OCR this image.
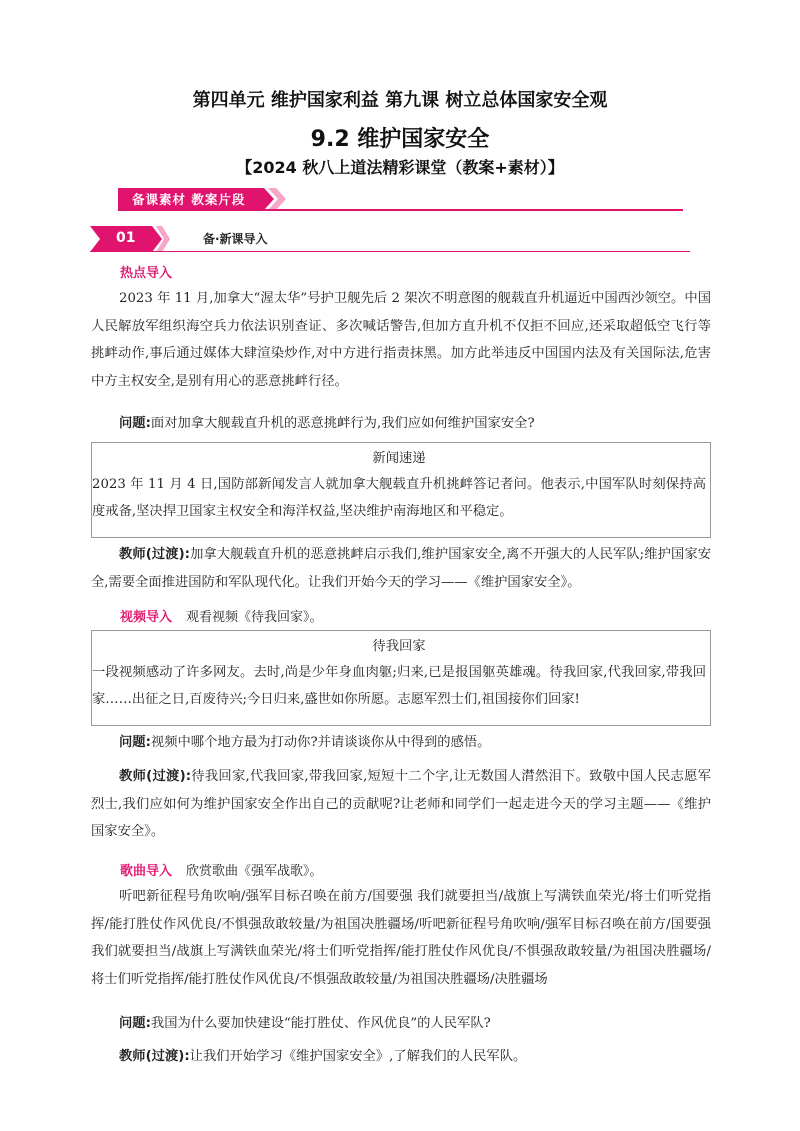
第四单元 维护国家利益 第九课 树立总体国家安全观
9.2 维护国家安全
【2024 秋八上道法精彩课堂（教案+素材）】
备课素材 教案片段
01	备·新课导入
热点导入
2023 年 11 月,加拿大“渥太华”号护卫舰先后 2 架次不明意图的舰载直升机逼近中国西沙领空。中国人民解放军组织海空兵力依法识别查证、多次喊话警告,但加方直升机不仅拒不回应,还采取超低空飞行等挑衅动作,事后通过媒体大肆渲染炒作,对中方进行指责抹黑。加方此举违反中国国内法及有关国际法,危害中方主权安全,是别有用心的恶意挑衅行径。
问题:面对加拿大舰载直升机的恶意挑衅行为,我们应如何维护国家安全?
新闻速递
2023 年 11 月 4 日,国防部新闻发言人就加拿大舰载直升机挑衅答记者问。他表示,中国军队时刻保持高度戒备,坚决捍卫国家主权安全和海洋权益,坚决维护南海地区和平稳定。
教师(过渡):加拿大舰载直升机的恶意挑衅启示我们,维护国家安全,离不开强大的人民军队;维护国家安全,需要全面推进国防和军队现代化。让我们开始今天的学习——《维护国家安全》。
视频导入 观看视频《待我回家》。
待我回家
一段视频感动了许多网友。去时,尚是少年身血肉躯;归来,已是报国躯英雄魂。待我回家,代我回家,带我回家……出征之日,百废待兴;今日归来,盛世如你所愿。志愿军烈士们,祖国接你们回家!
问题:视频中哪个地方最为打动你?并请谈谈你从中得到的感悟。
教师(过渡):待我回家,代我回家,带我回家,短短十二个字,让无数国人潸然泪下。致敬中国人民志愿军烈士,我们应如何为维护国家安全作出自己的贡献呢?让老师和同学们一起走进今天的学习主题——《维护国家安全》。
歌曲导入 欣赏歌曲《强军战歌》。
听吧新征程号角吹响/强军目标召唤在前方/国要强 我们就要担当/战旗上写满铁血荣光/将士们听党指挥/能打胜仗作风优良/不惧强敌敢较量/为祖国决胜疆场/听吧新征程号角吹响/强军目标召唤在前方/国要强 我们就要担当/战旗上写满铁血荣光/将士们听党指挥/能打胜仗作风优良/不惧强敌敢较量/为祖国决胜疆场/将士们听党指挥/能打胜仗作风优良/不惧强敌敢较量/为祖国决胜疆场/决胜疆场
问题:我国为什么要加快建设“能打胜仗、作风优良”的人民军队?
教师(过渡):让我们开始学习《维护国家安全》,了解我们的人民军队。
